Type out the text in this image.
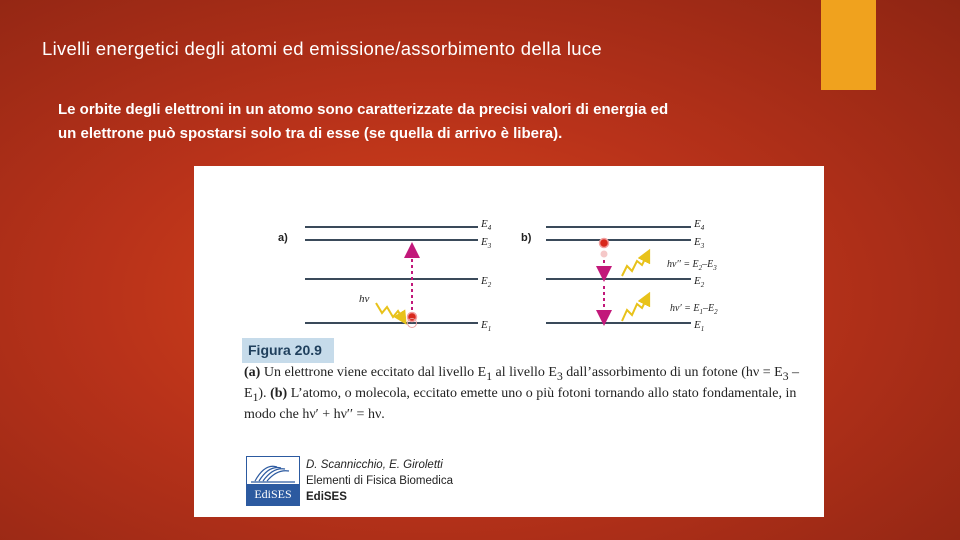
Livelli energetici degli atomi ed emissione/assorbimento della luce

Le orbite degli elettroni in un atomo sono caratterizzate da precisi valori di energia ed
un elettrone può spostarsi solo tra di esse (se quella di arrivo è libera).

a)
$E_4$
$E_3$
$E_2$
$E_1$
hν
b)
$E_4$
$E_3$
$E_2$
$E_1$
$h\nu'' = E_2-E_3$
$h\nu' = E_1-E_2$
Figura 20.9

(a) Un elettrone viene eccitato dal livello $E_1$ al livello $E_3$ dall’assorbimento di un fotone $(h\nu = E_3 - E_1)$. (b) L’atomo, o molecola, eccitato emette uno o più fotoni tornando allo stato fondamentale, in modo che hν′ + hν′′ = hν.

EdiSES
D. Scannicchio, E. Giroletti
Elementi di Fisica Biomedica
EdiSES
